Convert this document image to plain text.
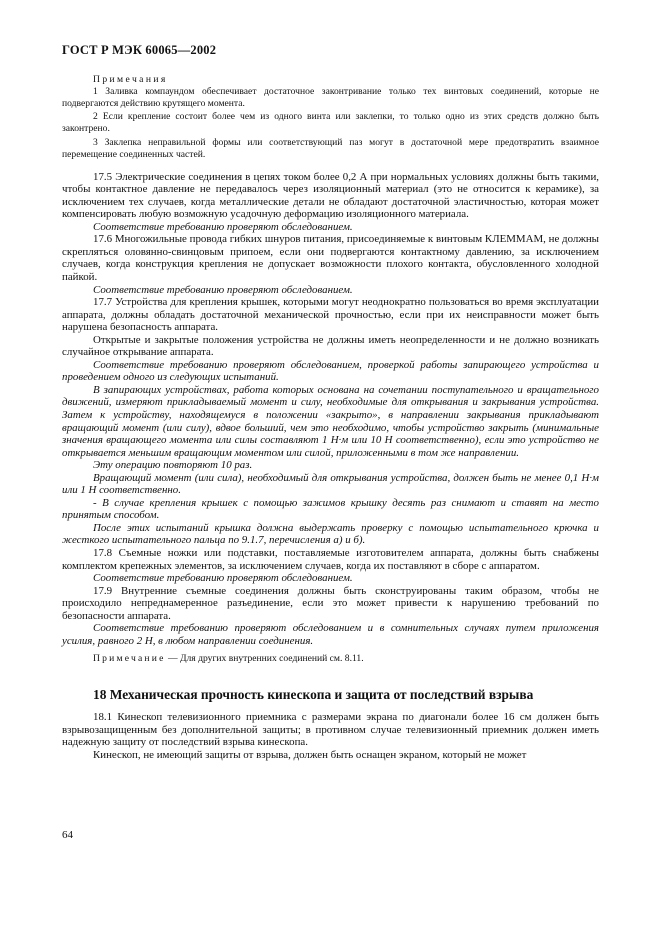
ГОСТ Р МЭК 60065—2002
Примечания

1 Заливка компаундом обеспечивает достаточное законтривание только тех винтовых соединений, которые не подвергаются действию крутящего момента.

2 Если крепление состоит более чем из одного винта или заклепки, то только одно из этих средств должно быть законтрено.

3 Заклепка неправильной формы или соответствующий паз могут в достаточной мере предотвратить взаимное перемещение соединенных частей.

17.5 Электрические соединения в цепях током более 0,2 А при нормальных условиях должны быть такими, чтобы контактное давление не передавалось через изоляционный материал (это не относится к керамике), за исключением тех случаев, когда металлические детали не обладают достаточной эластичностью, которая может компенсировать любую возможную усадочную деформацию изоляционного материала.

Соответствие требованию проверяют обследованием.

17.6 Многожильные провода гибких шнуров питания, присоединяемые к винтовым КЛЕММАМ, не должны скрепляться оловянно-свинцовым припоем, если они подвергаются контактному давлению, за исключением случаев, когда конструкция крепления не допускает возможности плохого контакта, обусловленного холодной пайкой.

Соответствие требованию проверяют обследованием.

17.7 Устройства для крепления крышек, которыми могут неоднократно пользоваться во время эксплуатации аппарата, должны обладать достаточной механической прочностью, если при их неисправности может быть нарушена безопасность аппарата.

Открытые и закрытые положения устройства не должны иметь неопределенности и не должно возникать случайное открывание аппарата.

Соответствие требованию проверяют обследованием, проверкой работы запирающего устройства и проведением одного из следующих испытаний.

В запирающих устройствах, работа которых основана на сочетании поступательного и вращательного движений, измеряют прикладываемый момент и силу, необходимые для открывания и закрывания устройства. Затем к устройству, находящемуся в положении «закрыто», в направлении закрывания прикладывают вращающий момент (или силу), вдвое больший, чем это необходимо, чтобы устройство закрыть (минимальные значения вращающего момента или силы составляют 1 Н·м или 10 Н соответственно), если это устройство не открывается меньшим вращающим моментом или силой, приложенными в том же направлении.

Эту операцию повторяют 10 раз.

Вращающий момент (или сила), необходимый для открывания устройства, должен быть не менее 0,1 Н·м или 1 Н соответственно.

- В случае крепления крышек с помощью зажимов крышку десять раз снимают и ставят на место принятым способом.

После этих испытаний крышка должна выдержать проверку с помощью испытательного крючка и жесткого испытательного пальца по 9.1.7, перечисления а) и б).

17.8 Съемные ножки или подставки, поставляемые изготовителем аппарата, должны быть снабжены комплектом крепежных элементов, за исключением случаев, когда их поставляют в сборе с аппаратом.

Соответствие требованию проверяют обследованием.

17.9 Внутренние съемные соединения должны быть сконструированы таким образом, чтобы не происходило непреднамеренное разъединение, если это может привести к нарушению требований по безопасности аппарата.

Соответствие требованию проверяют обследованием и в сомнительных случаях путем приложения усилия, равного 2 Н, в любом направлении соединения.

Примечание — Для других внутренних соединений см. 8.11.
18 Механическая прочность кинескопа и защита от последствий взрыва

18.1 Кинескоп телевизионного приемника с размерами экрана по диагонали более 16 см должен быть взрывозащищенным без дополнительной защиты; в противном случае телевизионный приемник должен иметь надежную защиту от последствий взрыва кинескопа.

Кинескоп, не имеющий защиты от взрыва, должен быть оснащен экраном, который не может

64
